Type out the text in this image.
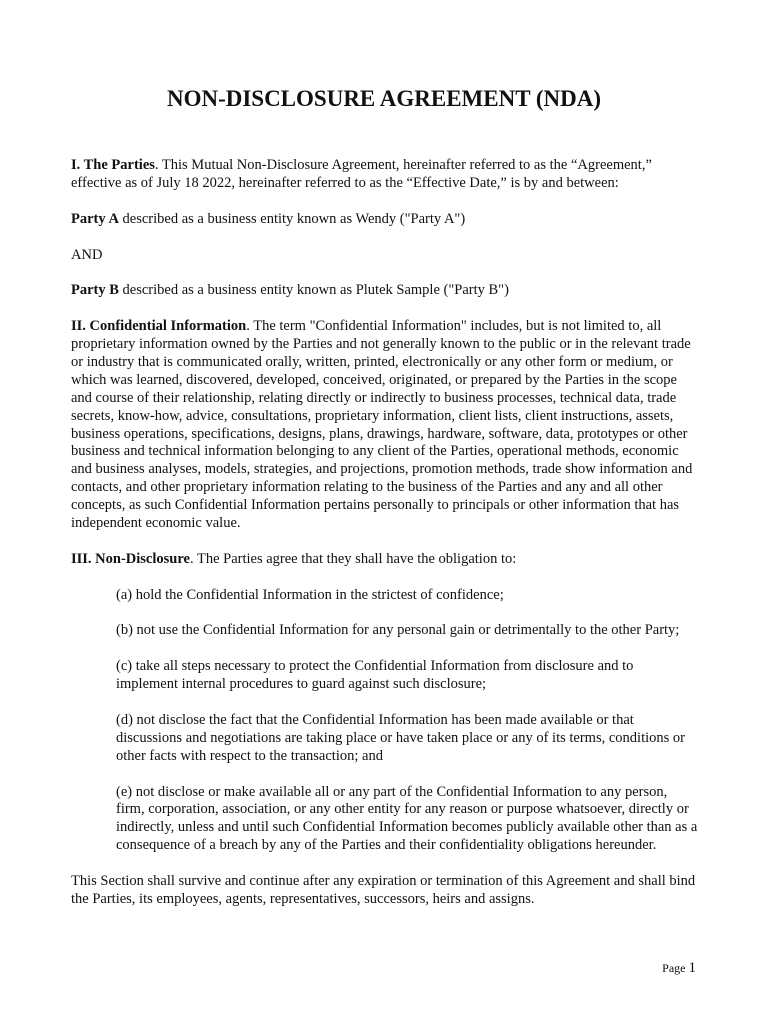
NON-DISCLOSURE AGREEMENT (NDA)

I. The Parties. This Mutual Non-Disclosure Agreement, hereinafter referred to as the “Agreement,” effective as of July 18 2022, hereinafter referred to as the “Effective Date,” is by and between:

Party A described as a business entity known as Wendy ("Party A")

AND

Party B described as a business entity known as Plutek Sample ("Party B")

II. Confidential Information. The term "Confidential Information" includes, but is not limited to, all proprietary information owned by the Parties and not generally known to the public or in the relevant trade or industry that is communicated orally, written, printed, electronically or any other form or medium, or which was learned, discovered, developed, conceived, originated, or prepared by the Parties in the scope and course of their relationship, relating directly or indirectly to business processes, technical data, trade secrets, know-how, advice, consultations, proprietary information, client lists, client instructions, assets, business operations, specifications, designs, plans, drawings, hardware, software, data, prototypes or other business and technical information belonging to any client of the Parties, operational methods, economic and business analyses, models, strategies, and projections, promotion methods, trade show information and contacts, and other proprietary information relating to the business of the Parties and any and all other concepts, as such Confidential Information pertains personally to principals or other information that has independent economic value.

III. Non-Disclosure. The Parties agree that they shall have the obligation to:

(a) hold the Confidential Information in the strictest of confidence;

(b) not use the Confidential Information for any personal gain or detrimentally to the other Party;

(c) take all steps necessary to protect the Confidential Information from disclosure and to implement internal procedures to guard against such disclosure;

(d) not disclose the fact that the Confidential Information has been made available or that discussions and negotiations are taking place or have taken place or any of its terms, conditions or other facts with respect to the transaction; and

(e) not disclose or make available all or any part of the Confidential Information to any person, firm, corporation, association, or any other entity for any reason or purpose whatsoever, directly or indirectly, unless and until such Confidential Information becomes publicly available other than as a consequence of a breach by any of the Parties and their confidentiality obligations hereunder.

This Section shall survive and continue after any expiration or termination of this Agreement and shall bind the Parties, its employees, agents, representatives, successors, heirs and assigns.

Page 1
